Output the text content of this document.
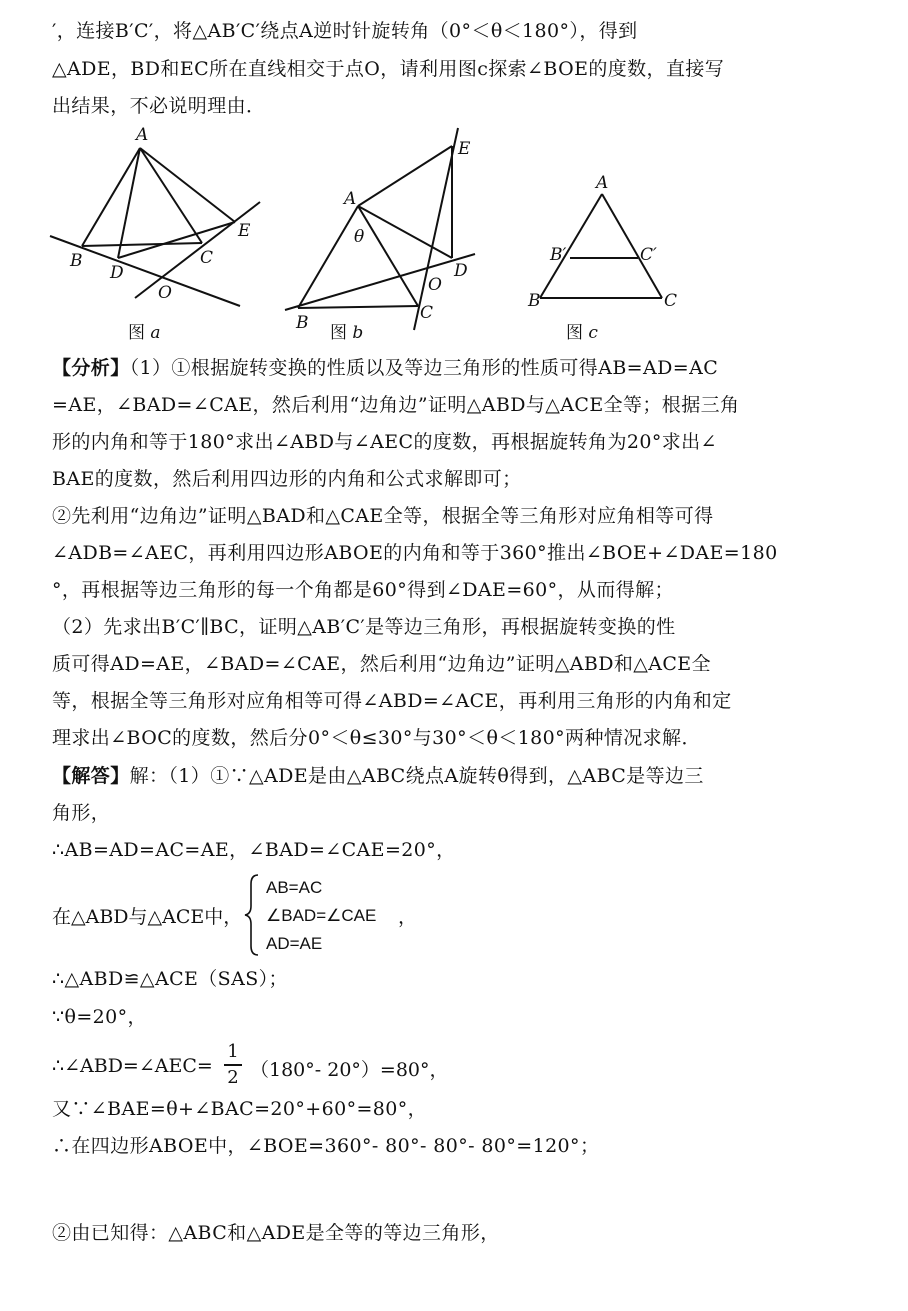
′，连接B′C′，将△AB′C′绕点A逆时针旋转角（0°＜θ＜180°），得到
△ADE，BD和EC所在直线相交于点O，请利用图c探索∠BOE的度数，直接写
出结果，不必说明理由．
A
B	C
D
E
O
图 a
A
θ
B	C
D
E
O
图 b
A
B′	C′
B	C
图 c
【分析】（1）①根据旋转变换的性质以及等边三角形的性质可得AB=AD=AC
=AE，∠BAD=∠CAE，然后利用“边角边”证明△ABD与△ACE全等；根据三角
形的内角和等于180°求出∠ABD与∠AEC的度数，再根据旋转角为20°求出∠
BAE的度数，然后利用四边形的内角和公式求解即可；
②先利用“边角边”证明△BAD和△CAE全等，根据全等三角形对应角相等可得
∠ADB=∠AEC，再利用四边形ABOE的内角和等于360°推出∠BOE+∠DAE=180
°，再根据等边三角形的每一个角都是60°得到∠DAE=60°，从而得解；
（2）先求出B′C′∥BC，证明△AB′C′是等边三角形，再根据旋转变换的性
质可得AD=AE，∠BAD=∠CAE，然后利用“边角边”证明△ABD和△ACE全
等，根据全等三角形对应角相等可得∠ABD=∠ACE，再利用三角形的内角和定
理求出∠BOC的度数，然后分0°＜θ≤30°与30°＜θ＜180°两种情况求解．
【解答】解：（1）①∵△ADE是由△ABC绕点A旋转θ得到，△ABC是等边三
角形，
∴AB=AD=AC=AE，∠BAD=∠CAE=20°，
在△ABD与△ACE中，
AB=AC
∠BAD=∠CAE
AD=AE
，
∴△ABD≌△ACE（SAS）；
∵θ=20°，
∴∠ABD=∠AEC=
1
2 （180°- 20°）=80°，
又∵∠BAE=θ+∠BAC=20°+60°=80°，
∴在四边形ABOE中，∠BOE=360°- 80°- 80°- 80°=120°；
②由已知得：△ABC和△ADE是全等的等边三角形，
